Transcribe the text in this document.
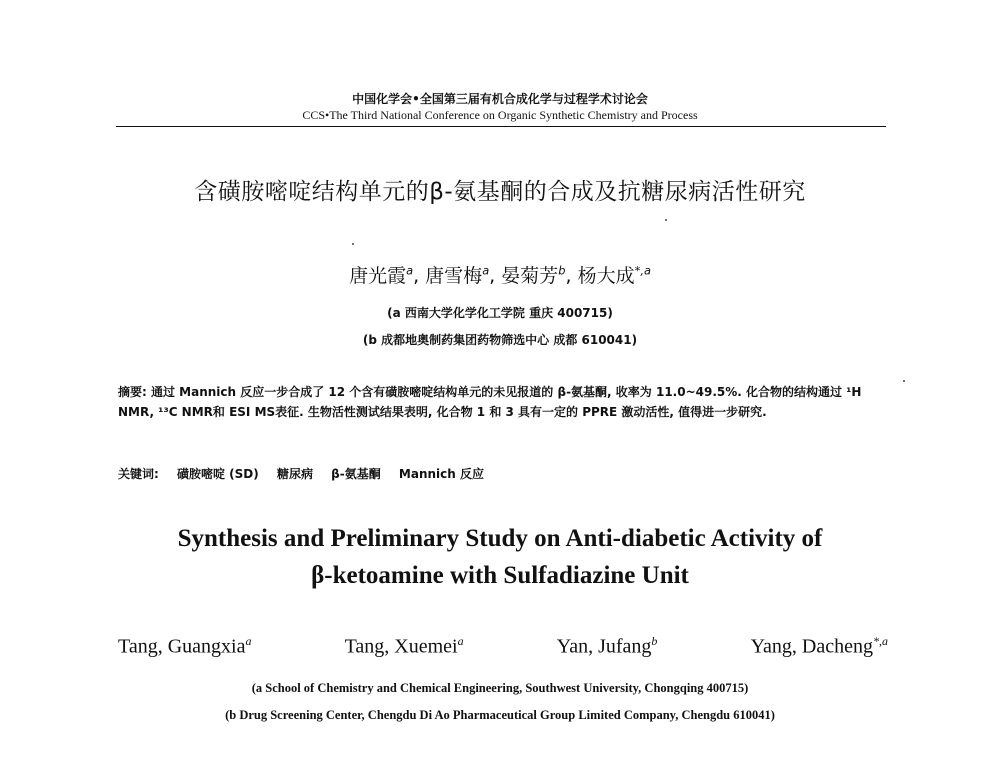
中国化学会•全国第三届有机合成化学与过程学术讨论会
CCS•The Third National Conference on Organic Synthetic Chemistry and Process
含磺胺嘧啶结构单元的β-氨基酮的合成及抗糖尿病活性研究
唐光霞$^a$, 唐雪梅$^a$, 晏菊芳$^b$, 杨大成$^{*,a}$
(a 西南大学化学化工学院 重庆 400715)
(b 成都地奥制药集团药物筛选中心 成都 610041)
摘要: 通过 Mannich 反应一步合成了 12 个含有磺胺嘧啶结构单元的未见报道的 β-氨基酮, 收率为 11.0~49.5%. 化合物的结构通过 ¹H NMR, ¹³C NMR和 ESI MS表征. 生物活性测试结果表明, 化合物 1 和 3 具有一定的 PPRE 激动活性, 值得进一步研究.
关键词: 磺胺嘧啶 (SD) 糖尿病 β-氨基酮 Mannich 反应
Synthesis and Preliminary Study on Anti-diabetic Activity of
β-ketoamine with Sulfadiazine Unit
Tang, Guangxia$^a$	Tang, Xuemei$^a$	Yan, Jufang$^b$	Yang, Dacheng$^{*,a}$
(a School of Chemistry and Chemical Engineering, Southwest University, Chongqing 400715)
(b Drug Screening Center, Chengdu Di Ao Pharmaceutical Group Limited Company, Chengdu 610041)
